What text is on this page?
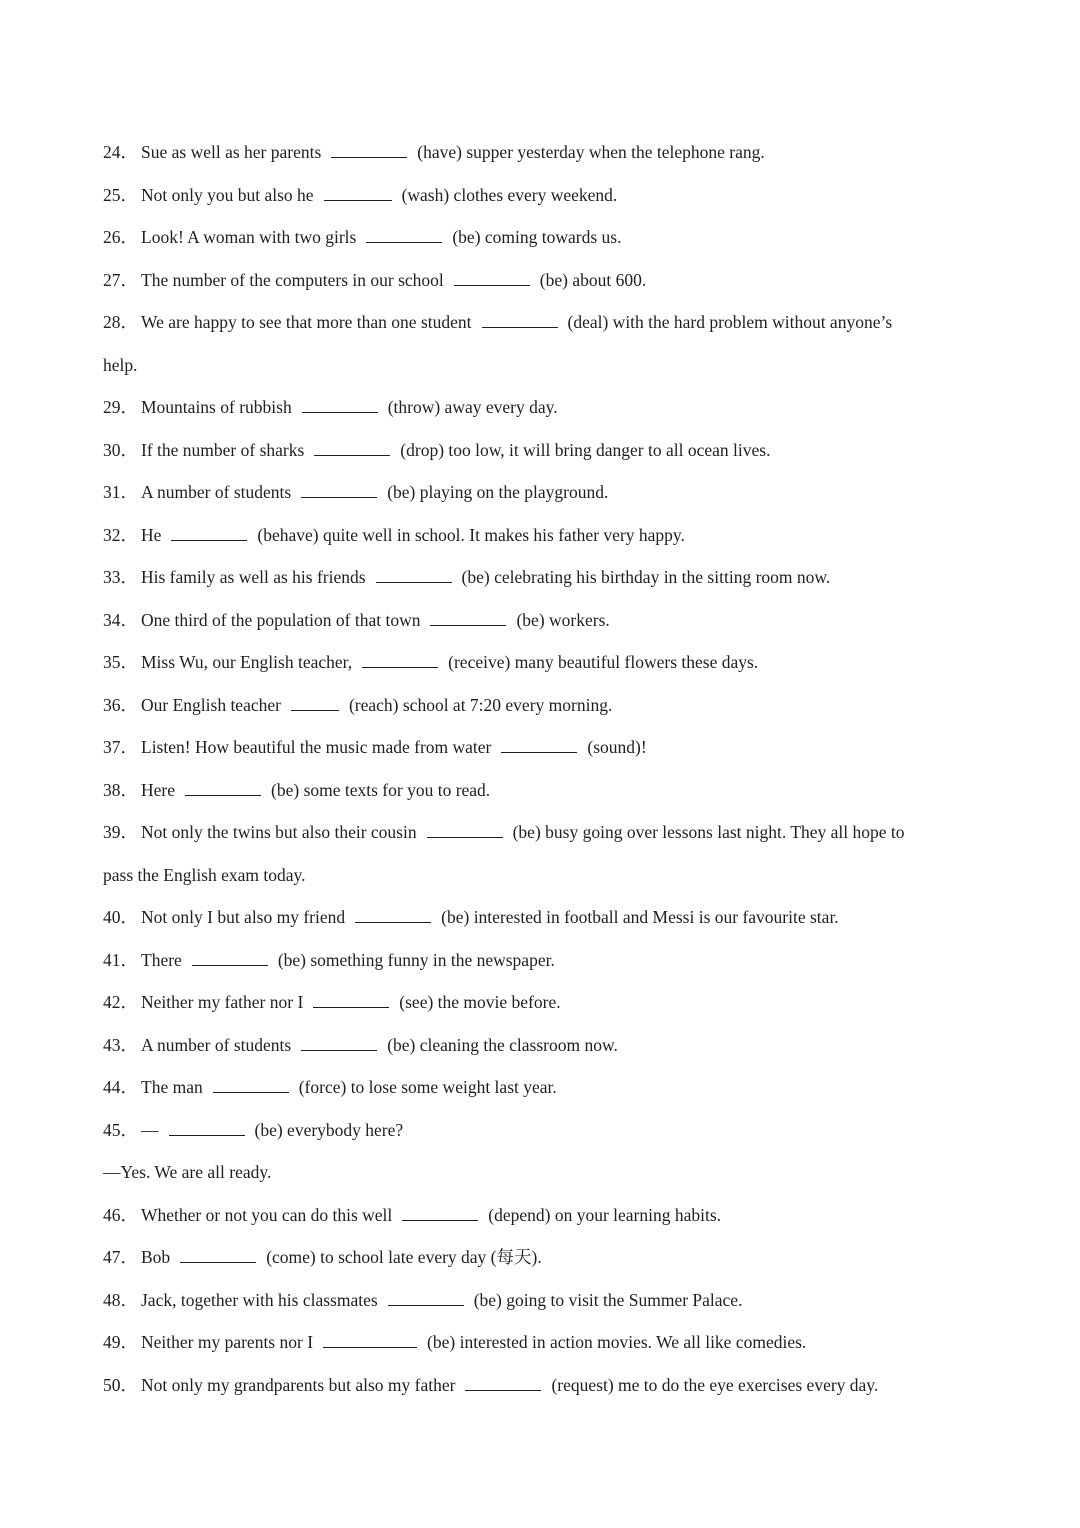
24． Sue as well as her parents	(have) supper yesterday when the telephone rang.
25． Not only you but also he	(wash) clothes every weekend.
26． Look! A woman with two girls	(be) coming towards us.
27． The number of the computers in our school	(be) about 600.
28． We are happy to see that more than one student	(deal) with the hard problem without anyone’s
help.
29． Mountains of rubbish	(throw) away every day.
30． If the number of sharks	(drop) too low, it will bring danger to all ocean lives.
31． A number of students	(be) playing on the playground.
32． He	(behave) quite well in school. It makes his father very happy.
33． His family as well as his friends	(be) celebrating his birthday in the sitting room now.
34． One third of the population of that town	(be) workers.
35． Miss Wu, our English teacher,	(receive) many beautiful flowers these days.
36． Our English teacher	(reach) school at 7:20 every morning.
37． Listen! How beautiful the music made from water	(sound)!
38． Here	(be) some texts for you to read.
39． Not only the twins but also their cousin	(be) busy going over lessons last night. They all hope to
pass the English exam today.
40． Not only I but also my friend	(be) interested in football and Messi is our favourite star.
41． There	(be) something funny in the newspaper.
42． Neither my father nor I	(see) the movie before.
43． A number of students	(be) cleaning the classroom now.
44． The man	(force) to lose some weight last year.
45． —	(be) everybody here?
—Yes. We are all ready.
46． Whether or not you can do this well	(depend) on your learning habits.
47． Bob	(come) to school late every day (每天).
48． Jack, together with his classmates	(be) going to visit the Summer Palace.
49． Neither my parents nor I	(be) interested in action movies. We all like comedies.
50． Not only my grandparents but also my father	(request) me to do the eye exercises every day.
